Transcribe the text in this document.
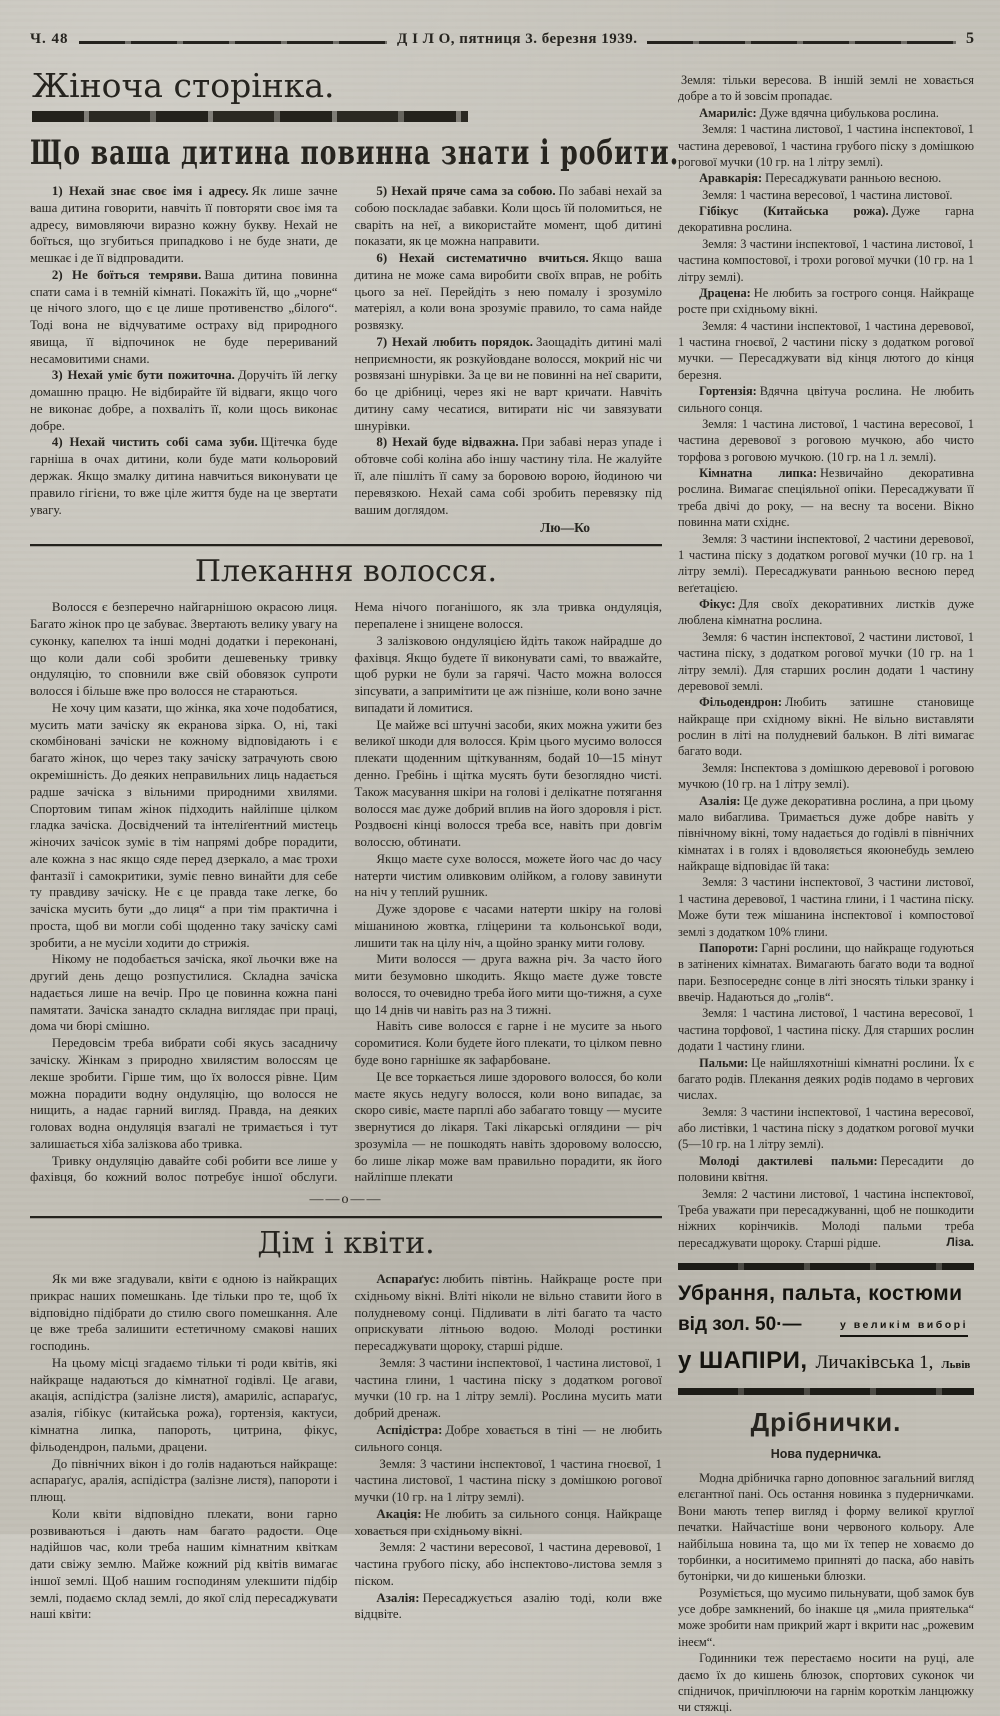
Ч. 48	Д І Л О, пятниця 3. березня 1939.	5
Жіноча сторінка.
Що ваша дитина повинна знати і робити.

1) Нехай знає своє імя і адресу. Як лише зачне ваша дитина говорити, навчіть її повторяти своє імя та адресу, вимовляючи виразно кожну букву. Нехай не боїться, що згубиться припадково і не буде знати, де мешкає і де її відпровадити.

2) Не боїться темряви. Ваша дитина повинна спати сама і в темній кімнаті. Покажіть їй, що „чорне“ це нічого злого, що є це лише противенство „білого“. Тоді вона не відчуватиме остраху від природного явища, її відпочинок не буде перериваний несамовитими снами.

3) Нехай уміє бути пожиточна. Доручіть їй легку домашню працю. Не відбирайте їй відваги, якщо чого не виконає добре, а похваліть її, коли щось виконає добре.

4) Нехай чистить собі сама зуби. Щітечка буде гарніша в очах дитини, коли буде мати кольоровий держак. Якщо змалку дитина навчиться виконувати це правило гігієни, то вже ціле життя буде на це звертати увагу.

5) Нехай пряче сама за собою. По забаві нехай за собою поскладає забавки. Коли щось їй поломиться, не сваріть на неї, а використайте момент, щоб дитині показати, як це можна направити.

6) Нехай систематично вчиться. Якщо ваша дитина не може сама виробити своїх вправ, не робіть цього за неї. Перейдіть з нею помалу і зрозуміло матеріял, а коли вона зрозуміє правило, то сама найде розвязку.

7) Нехай любить порядок. Заощадіть дитині малі неприємности, як розкуйовдане волосся, мокрий ніс чи розвязані шнурівки. За це ви не повинні на неї сварити, бо це дрібниці, через які не варт кричати. Навчіть дитину саму чесатися, витирати ніс чи завязувати шнурівки.

8) Нехай буде відважна. При забаві нераз упаде і обтовче собі коліна або іншу частину тіла. Не жалуйте її, але пішліть її саму за боровою ворою, йодиною чи перевязкою. Нехай сама собі зробить перевязку під вашим доглядом.

Лю—Ко
Плекання волосся.

Волосся є безперечно найгарнішою окрасою лиця. Багато жінок про це забуває. Звертають велику увагу на суконку, капелюх та інші модні додатки і переконані, що коли дали собі зробити дешевеньку тривку ондуляцію, то сповнили вже свій обовязок супроти волосся і більше вже про волосся не стараються.

Не хочу цим казати, що жінка, яка хоче подобатися, мусить мати зачіску як екранова зірка. О, ні, такі скомбіновані зачіски не кожному відповідають і є багато жінок, що через таку зачіску затрачують свою окремішність. До деяких неправильних лиць надається радше зачіска з вільними природними хвилями. Спортовим типам жінок підходить найліпше цілком гладка зачіска. Досвідчений та інтеліґентний мистець жіночих зачісок зуміє в тім напрямі добре порадити, але кожна з нас якщо сяде перед дзеркало, а має трохи фантазії і самокритики, зуміє певно винайти для себе ту правдиву зачіску. Не є це правда таке легке, бо зачіска мусить бути „до лиця“ а при тім практична і проста, щоб ви могли собі щоденно таку зачіску самі зробити, а не мусіли ходити до стрижія.

Нікому не подобається зачіска, якої льочки вже на другий день дещо розпустилися. Складна зачіска надається лише на вечір. Про це повинна кожна пані памятати. Зачіска занадто складна виглядає при праці, дома чи бюрі смішно.

Передовсім треба вибрати собі якусь засадничу зачіску. Жінкам з природно хвилястим волоссям це лекше зробити. Гірше тим, що їх волосся рівне. Цим можна порадити водну ондуляцію, що волосся не нищить, а надає гарний вигляд. Правда, на деяких головах водна ондуляція взагалі не тримається і тут залишається хіба залізкова або тривка.

Тривку ондуляцію давайте собі робити все лише у фахівця, бо кожний волос потребує іншої обслуги. Нема нічого поганішого, як зла тривка ондуляція, перепалене і знищене волосся.

З залізковою ондуляцією йдіть також найрадше до фахівця. Якщо будете її виконувати самі, то вважайте, щоб рурки не були за гарячі. Часто можна волосся зіпсувати, а запримітити це аж пізніше, коли воно зачне випадати й ломитися.

Це майже всі штучні засоби, яких можна ужити без великої шкоди для волосся. Крім цього мусимо волосся плекати щоденним щіткуванням, бодай 10—15 мінут денно. Гребінь і щітка мусять бути безоглядно чисті. Також масування шкіри на голові і делікатне потягання волосся має дуже добрий вплив на його здоровля і ріст. Роздвоєні кінці волосся треба все, навіть при довгім волоссю, обтинати.

Якщо маєте сухе волосся, можете його час до часу натерти чистим оливковим олійком, а голову завинути на ніч у теплий рушник.

Дуже здорове є часами натерти шкіру на голові мішаниною жовтка, гліцерини та кольонської води, лишити так на цілу ніч, а щойно зранку мити голову.

Мити волосся — друга важна річ. За часто його мити безумовно шкодить. Якщо маєте дуже товсте волосся, то очевидно треба його мити що-тижня, а сухе що 14 днів чи навіть раз на 3 тижні.

Навіть сиве волосся є гарне і не мусите за нього соромитися. Коли будете його плекати, то цілком певно буде воно гарнішке як зафарбоване.

Це все торкається лише здорового волосся, бо коли маєте якусь недугу волосся, коли воно випадає, за скоро сивіє, маєте парплі або забагато товщу — мусите звернутися до лікаря. Такі лікарські оглядини — річ зрозуміла — не пошкодять навіть здоровому волоссю, бо лише лікар може вам правильно порадити, як його найліпше плекати

——о——
Дім і квіти.

Як ми вже згадували, квіти є одною із найкращих прикрас наших помешкань. Іде тільки про те, щоб їх відповідно підібрати до стилю свого помешкання. Але це вже треба залишити естетичному смакові наших господинь.

На цьому місці згадаємо тільки ті роди квітів, які найкраще надаються до кімнатної годівлі. Це агави, акація, аспідістра (залізне листя), амариліс, аспараґус, азалія, гібікус (китайська рожа), гортензія, кактуси, кімнатна липка, папороть, цитрина, фікус, фільодендрон, пальми, драцени.

До північних вікон і до голів надаються найкраще: аспараґус, аралія, аспідістра (залізне листя), папороти і плющ.

Коли квіти відповідно плекати, вони гарно розвиваються і дають нам багато радости. Оце надійшов час, коли треба нашим кімнатним квіткам дати свіжу землю. Майже кожний рід квітів вимагає іншої землі. Щоб нашим господиням улекшити підбір землі, подаємо склад землі, до якої слід пересаджувати наші квіти:

Аспараґус: любить півтінь. Найкраще росте при східньому вікні. Вліті ніколи не вільно ставити його в полудневому сонці. Підливати в літі багато та часто оприскувати літньою водою. Молоді ростинки пересаджувати щороку, старші рідше.

Земля: 3 частини інспектової, 1 частина листової, 1 частина глини, 1 частина піску з додатком рогової мучки (10 гр. на 1 літру землі). Рослина мусить мати добрий дренаж.

Аспідістра: Добре ховається в тіні — не любить сильного сонця.

Земля: 3 частини інспектової, 1 частина гноєвої, 1 частина листової, 1 частина піску з домішкою рогової мучки (10 гр. на 1 літру землі).

Акація: Не любить за сильного сонця. Найкраще ховається при східньому вікні.

Земля: 2 частини вересової, 1 частина деревової, 1 частина грубого піску, або інспектово-листова земля з піском.

Азалія: Пересаджується азалію тоді, коли вже відцвіте.

Земля: тільки вересова. В іншій землі не ховається добре а то й зовсім пропадає.

Амариліс: Дуже вдячна цибулькова рослина.

Земля: 1 частина листової, 1 частина інспектової, 1 частина деревової, 1 частина грубого піску з домішкою рогової мучки (10 гр. на 1 літру землі).

Аравкарія: Пересаджувати ранньою весною.

Земля: 1 частина вересової, 1 частина листової.

Гібікус (Китайська рожа). Дуже гарна декоративна рослина.

Земля: 3 частини інспектової, 1 частина листової, 1 частина компостової, і трохи рогової мучки (10 гр. на 1 літру землі).

Драцена: Не любить за гострого сонця. Найкраще росте при східньому вікні.

Земля: 4 частини інспектової, 1 частина деревової, 1 частина гноєвої, 2 частини піску з додатком рогової мучки. — Пересаджувати від кінця лютого до кінця березня.

Гортензія: Вдячна цвітуча рослина. Не любить сильного сонця.

Земля: 1 частина листової, 1 частина вересової, 1 частина деревової з роговою мучкою, або чисто торфова з роговою мучкою. (10 гр. на 1 л. землі).

Кімнатна липка: Незвичайно декоративна рослина. Вимагає спеціяльної опіки. Пересаджувати її треба двічі до року, — на весну та восени. Вікно повинна мати східнє.

Земля: 3 частини інспектової, 2 частини деревової, 1 частина піску з додатком рогової мучки (10 гр. на 1 літру землі). Пересаджувати ранньою весною перед веґетацією.

Фікус: Для своїх декоративних листків дуже люблена кімнатна рослина.

Земля: 6 частин інспектової, 2 частини листової, 1 частина піску, з додатком рогової мучки (10 гр. на 1 літру землі). Для старших рослин додати 1 частину деревової землі.

Фільодендрон: Любить затишне становище найкраще при східному вікні. Не вільно виставляти рослин в літі на полудневий балькон. В літі вимагає багато води.

Земля: Інспектова з домішкою деревової і роговою мучкою (10 гр. на 1 літру землі).

Азалія: Це дуже декоративна рослина, а при цьому мало вибаглива. Тримається дуже добре навіть у північному вікні, тому надається до годівлі в північних кімнатах і в голях і вдоволяється якоюнебудь землею найкраще відповідає їй така:

Земля: 3 частини інспектової, 3 частини листової, 1 частина деревової, 1 частина глини, і 1 частина піску. Може бути теж мішанина інспектової і компостової землі з додатком 10% глини.

Папороти: Гарні рослини, що найкраще годуються в затінених кімнатах. Вимагають багато води та водної пари. Безпосереднє сонце в літі зносять тільки зранку і ввечір. Надаються до „голів“.

Земля: 1 частина листової, 1 частина вересової, 1 частина торфової, 1 частина піску. Для старших рослин додати 1 частину глини.

Пальми: Це найшляхотніші кімнатні рослини. Їх є багато родів. Плекання деяких родів подамо в чергових числах.

Земля: 3 частини інспектової, 1 частина вересової, або листівки, 1 частина піску з додатком рогової мучки (5—10 гр. на 1 літру землі).

Молоді дактилеві пальми: Пересадити до половини квітня.

Земля: 2 частини листової, 1 частина інспектової, Треба уважати при пересаджуванні, щоб не пошкодити ніжних корінчиків. Молоді пальми треба пересаджувати щороку. Старші рідше.	Ліза.
Убрання, пальта, костюми
від зол. 50·—	у великім виборі
у ШАПІРИ, Личаківська 1, Львів
Дрібнички.
Нова пудерничка.

Модна дрібничка гарно доповнює загальний вигляд елєгантної пані. Ось остання новинка з пудерничками. Вони мають тепер вигляд і форму великої круглої печатки. Найчастіше вони червоного кольору. Але найбільша новина та, що ми їх тепер не ховаємо до торбинки, а носитимемо припняті до паска, або навіть бутонірки, чи до кишеньки блюзки.

Розуміється, що мусимо пильнувати, щоб замок був усе добре замкнений, бо інакше ця „мила приятелька“ може зробити нам прикрий жарт і вкрити нас „рожевим інеєм“.

Годинники теж перестаємо носити на руці, але даємо їх до кишень блюзок, спортових суконок чи спідничок, причіплюючи на гарнім короткім ланцюжку чи стяжці.
